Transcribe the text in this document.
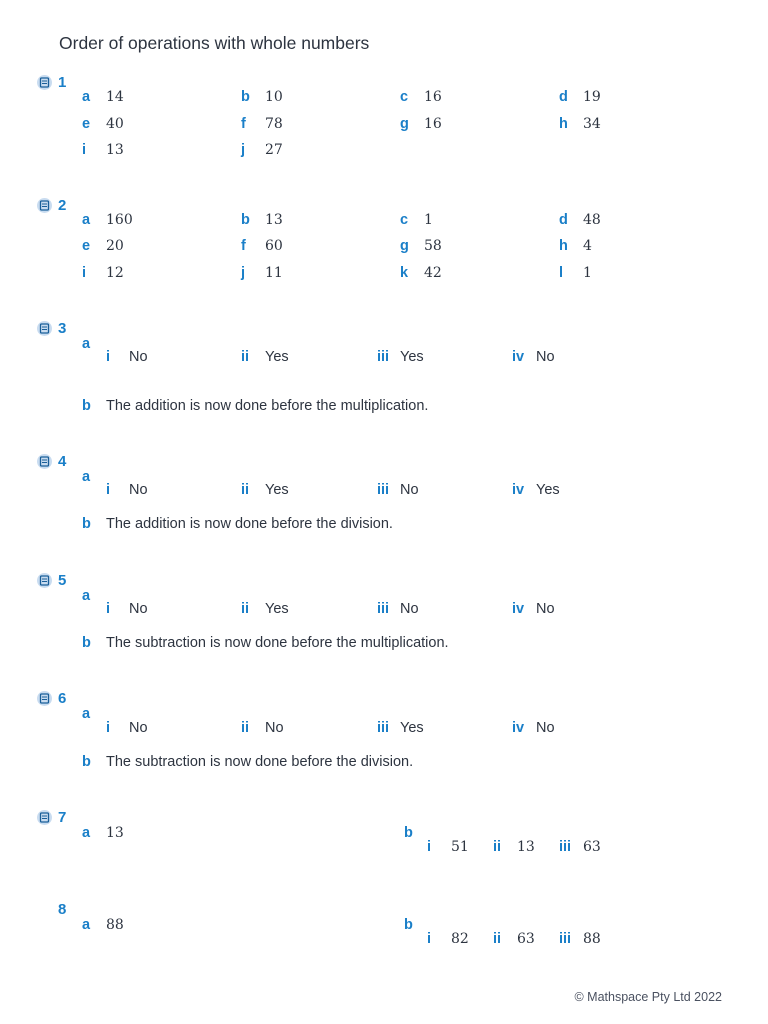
Order of operations with whole numbers
1
a 14	b 10	c 16	d 19
e 40	f 78	g 16	h 34
i 13	j 27
2
a 160	b 13	c 1	d 48
e 20	f 60	g 58	h 4
i 12	j 11	k 42	l 1
3
a
i No	ii Yes	iii Yes	iv No
b The addition is now done before the multiplication.
4
a
i No	ii Yes	iii No	iv Yes
b The addition is now done before the division.
5
a
i No	ii Yes	iii No	iv No
b The subtraction is now done before the multiplication.
6
a
i No	ii No	iii Yes	iv No
b The subtraction is now done before the division.
7
a 13	b
i 51 ii 13 iii 63
8
a 88	b
i 82 ii 63 iii 88
© Mathspace Pty Ltd 2022
